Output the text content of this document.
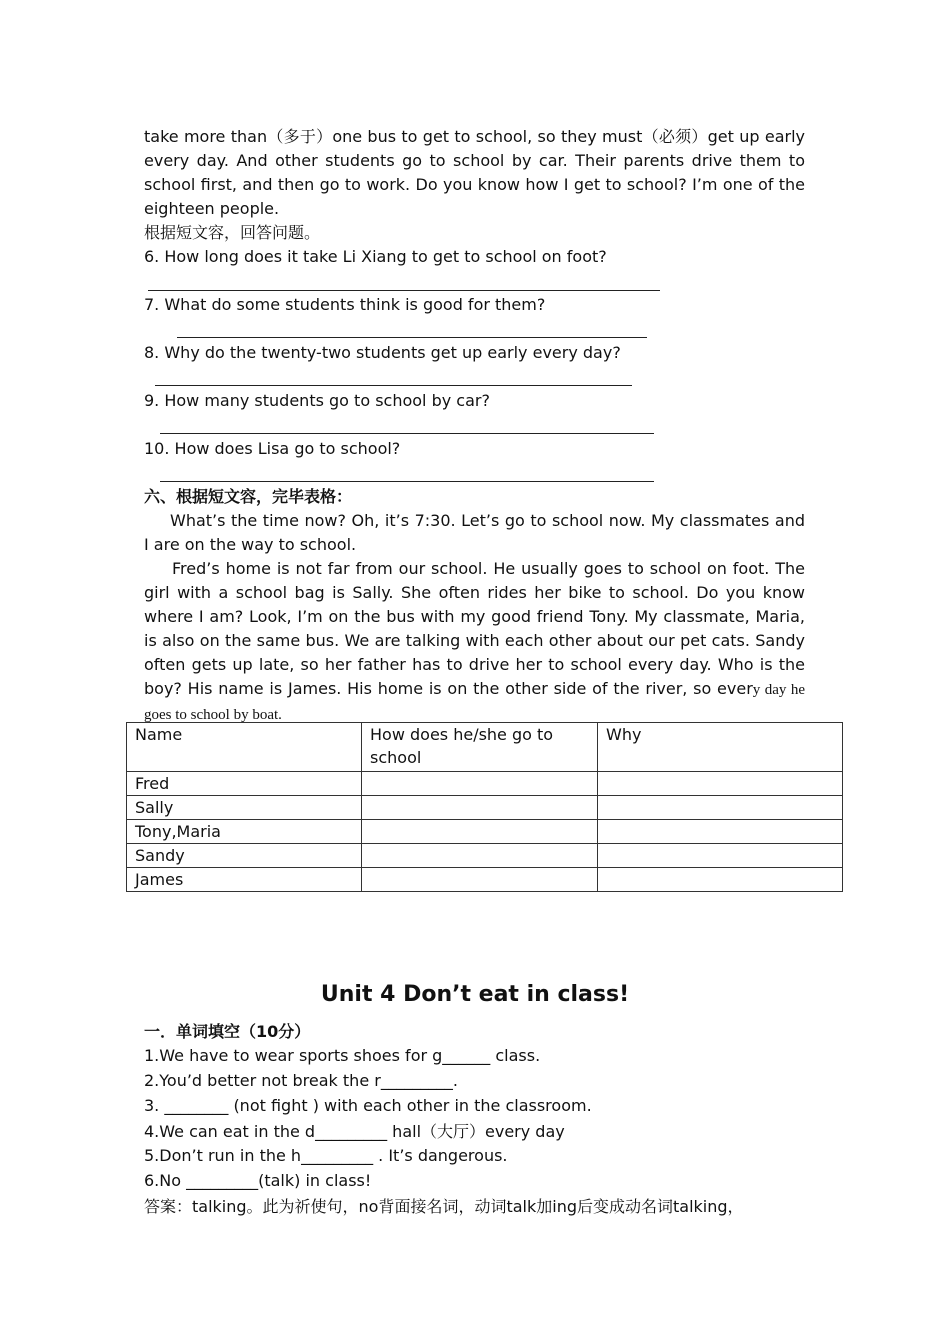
take more than（多于）one bus to get to school, so they must（必须）get up early every day. And other students go to school by car. Their parents drive them to school first, and then go to work. Do you know how I get to school? I’m one of the eighteen people.
根据短文容，回答问题。
6. How long does it take Li Xiang to get to school on foot?
7. What do some students think is good for them?
8. Why do the twenty-two students get up early every day?
9. How many students go to school by car?
10. How does Lisa go to school?
六、根据短文容，完毕表格：
What’s the time now? Oh, it’s 7:30. Let’s go to school now. My classmates and I are on the way to school.
Fred’s home is not far from our school. He usually goes to school on foot. The girl with a school bag is Sally. She often rides her bike to school. Do you know where I am? Look, I’m on the bus with my good friend Tony. My classmate, Maria, is also on the same bus. We are talking with each other about our pet cats. Sandy often gets up late, so her father has to drive her to school every day. Who is the boy? His name is James. His home is on the other side of the river, so every day he goes to school by boat.
Name	How does he/she go to school	Why
Fred		
Sally		
Tony,Maria		
Sandy		
James		
Unit 4 Don’t eat in class!
一．单词填空（10分）
1.We have to wear sports shoes for g______ class.
2.You’d better not break the r_________.
3. ________ (not fight ) with each other in the classroom.
4.We can eat in the d_________ hall（大厅）every day
5.Don’t run in the h_________ . It’s dangerous.
6.No _________(talk) in class!
答案：talking。此为祈使句，no背面接名词，动词talk加ing后变成动名词talking，
